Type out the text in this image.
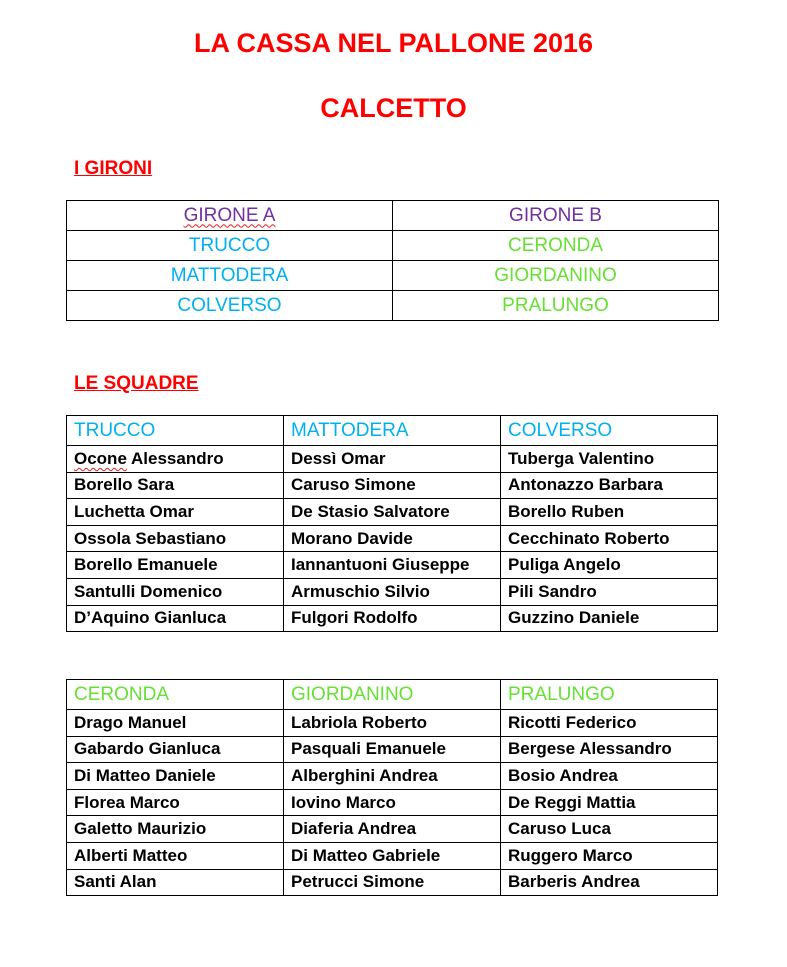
LA CASSA NEL PALLONE 2016
CALCETTO
I GIRONI
GIRONE A	GIRONE B
TRUCCO	CERONDA
MATTODERA	GIORDANINO
COLVERSO	PRALUNGO
LE SQUADRE
TRUCCO	MATTODERA	COLVERSO
Ocone Alessandro	Dessì Omar	Tuberga Valentino
Borello Sara	Caruso Simone	Antonazzo Barbara
Luchetta Omar	De Stasio Salvatore	Borello Ruben
Ossola Sebastiano	Morano Davide	Cecchinato Roberto
Borello Emanuele	Iannantuoni Giuseppe	Puliga Angelo
Santulli Domenico	Armuschio Silvio	Pili Sandro
D’Aquino Gianluca	Fulgori Rodolfo	Guzzino Daniele
CERONDA	GIORDANINO	PRALUNGO
Drago Manuel	Labriola Roberto	Ricotti Federico
Gabardo Gianluca	Pasquali Emanuele	Bergese Alessandro
Di Matteo Daniele	Alberghini Andrea	Bosio Andrea
Florea Marco	Iovino Marco	De Reggi Mattia
Galetto Maurizio	Diaferia Andrea	Caruso Luca
Alberti Matteo	Di Matteo Gabriele	Ruggero Marco
Santi Alan	Petrucci Simone	Barberis Andrea
